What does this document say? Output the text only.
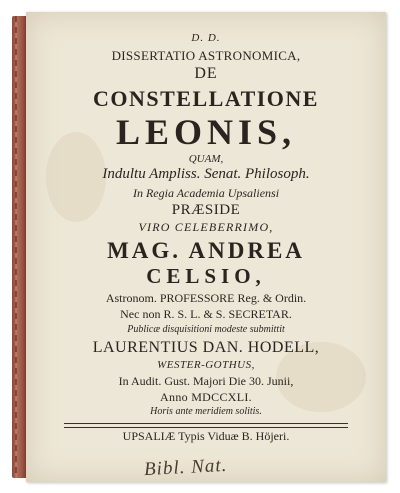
D. D.
DISSERTATIO ASTRONOMICA,
DE
CONSTELLATIONE
LEONIS,
QUAM,
Indultu Ampliss. Senat. Philosoph.
In Regia Academia Upsaliensi
PRÆSIDE
VIRO CELEBERRIMO,
MAG. ANDREA
CELSIO,
Astronom. PROFESSORE Reg. & Ordin.
Nec non R. S. L. & S. SECRETAR.
Publicæ disquisitioni modeste submittit
LAURENTIUS DAN. HODELL,
WESTER-GOTHUS,
In Audit. Gust. Majori Die 30. Junii,
Anno MDCCXLI.
Horis ante meridiem solitis.
UPSALIÆ Typis Viduæ B. Höjeri.
Bibl. Nat.
